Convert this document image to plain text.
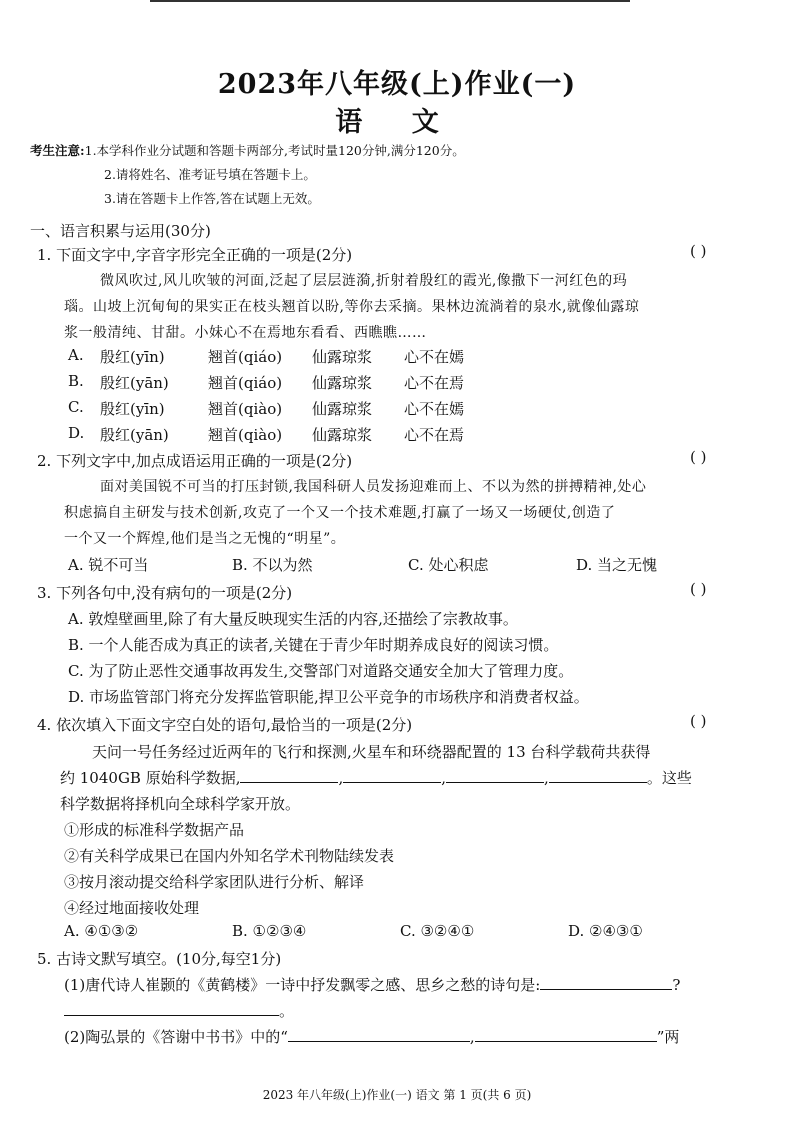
2023年八年级(上)作业(一)
语 文
考生注意:1.本学科作业分试题和答题卡两部分,考试时量120分钟,满分120分。
2.请将姓名、准考证号填在答题卡上。
3.请在答题卡上作答,答在试题上无效。
一、语言积累与运用(30分)
1. 下面文字中,字音字形完全正确的一项是(2分)	( )
微风吹过,风儿吹皱的河面,泛起了层层涟漪,折射着殷红的霞光,像撒下一河红色的玛
瑙。山坡上沉甸甸的果实正在枝头翘首以盼,等你去采摘。果林边流淌着的泉水,就像仙露琼
浆一般清纯、甘甜。小妹心不在焉地东看看、西瞧瞧……
A. 殷红(yīn)	翘首(qiáo) 仙露琼浆 心不在嫣
B. 殷红(yān)	翘首(qiáo) 仙露琼浆 心不在焉
C. 殷红(yīn)	翘首(qiào) 仙露琼浆 心不在嫣
D. 殷红(yān)	翘首(qiào) 仙露琼浆 心不在焉
2. 下列文字中,加点成语运用正确的一项是(2分)	( )
面对美国锐不可当的打压封锁,我国科研人员发扬迎难而上、不以为然的拼搏精神,处心
积虑搞自主研发与技术创新,攻克了一个又一个技术难题,打赢了一场又一场硬仗,创造了
一个又一个辉煌,他们是当之无愧的“明星”。
A. 锐不可当	B. 不以为然	C. 处心积虑	D. 当之无愧
3. 下列各句中,没有病句的一项是(2分)	( )
A. 敦煌壁画里,除了有大量反映现实生活的内容,还描绘了宗教故事。
B. 一个人能否成为真正的读者,关键在于青少年时期养成良好的阅读习惯。
C. 为了防止恶性交通事故再发生,交警部门对道路交通安全加大了管理力度。
D. 市场监管部门将充分发挥监管职能,捍卫公平竞争的市场秩序和消费者权益。
4. 依次填入下面文字空白处的语句,最恰当的一项是(2分)	( )
天问一号任务经过近两年的飞行和探测,火星车和环绕器配置的 13 台科学载荷共获得
约 1040GB 原始科学数据,	,	,	,	。这些
科学数据将择机向全球科学家开放。
①形成的标准科学数据产品
②有关科学成果已在国内外知名学术刊物陆续发表
③按月滚动提交给科学家团队进行分析、解译
④经过地面接收处理
A. ④①③②	B. ①②③④	C. ③②④①	D. ②④③①
5. 古诗文默写填空。(10分,每空1分)
(1)唐代诗人崔颢的《黄鹤楼》一诗中抒发飘零之感、思乡之愁的诗句是:	?
。
(2)陶弘景的《答谢中书书》中的“	,	”两
2023 年八年级(上)作业(一) 语文 第 1 页(共 6 页)
